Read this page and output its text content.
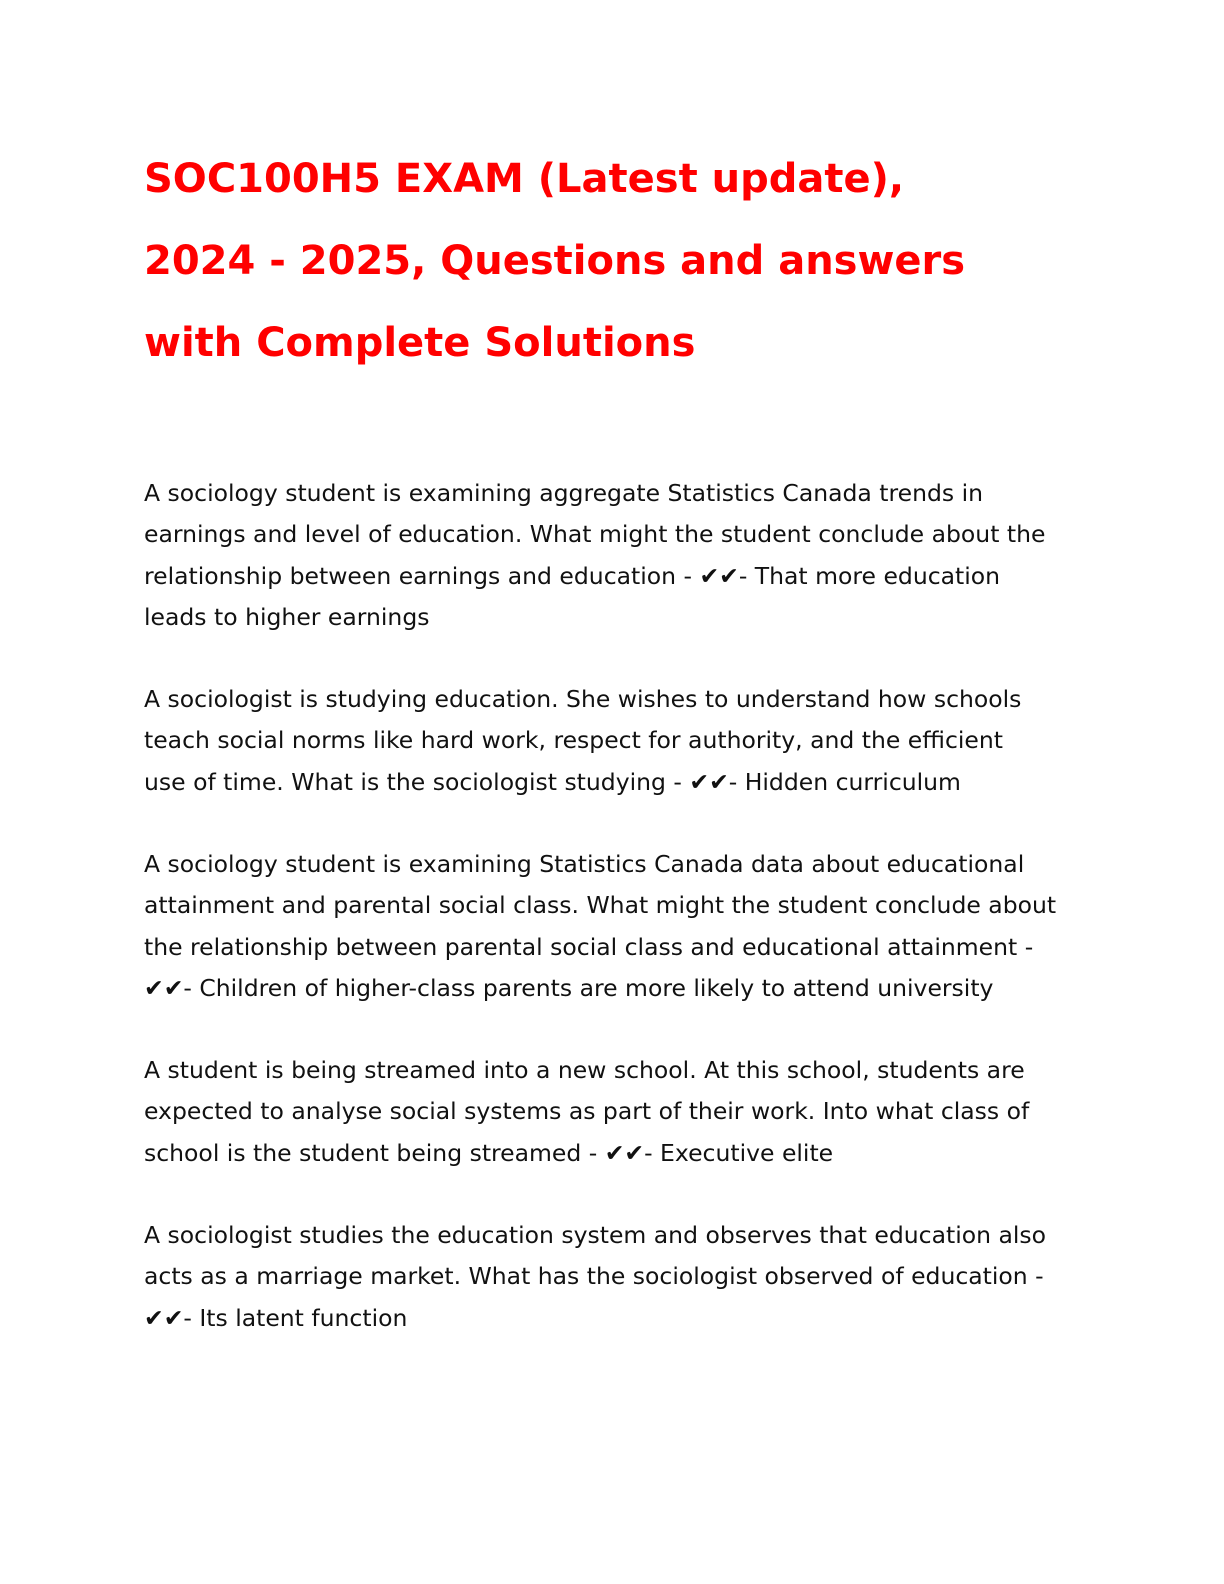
SOC100H5 EXAM (Latest update),
2024 - 2025, Questions and answers
with Complete Solutions

A sociology student is examining aggregate Statistics Canada trends in
earnings and level of education. What might the student conclude about the
relationship between earnings and education - ✔✔- That more education
leads to higher earnings

A sociologist is studying education. She wishes to understand how schools
teach social norms like hard work, respect for authority, and the efficient
use of time. What is the sociologist studying - ✔✔- Hidden curriculum

A sociology student is examining Statistics Canada data about educational
attainment and parental social class. What might the student conclude about
the relationship between parental social class and educational attainment -
✔✔- Children of higher-class parents are more likely to attend university

A student is being streamed into a new school. At this school, students are
expected to analyse social systems as part of their work. Into what class of
school is the student being streamed - ✔✔- Executive elite

A sociologist studies the education system and observes that education also
acts as a marriage market. What has the sociologist observed of education -
✔✔- Its latent function
